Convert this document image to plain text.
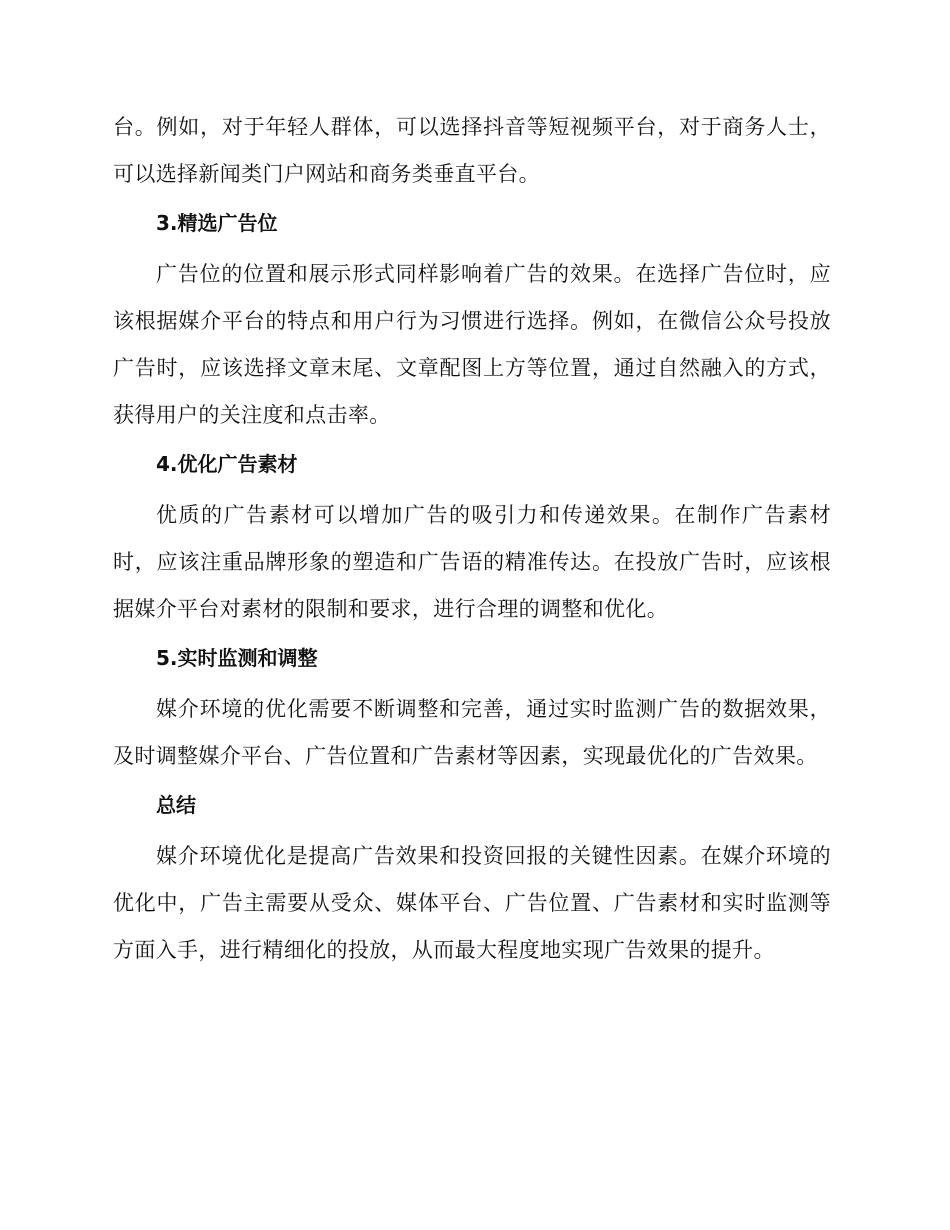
台。例如，对于年轻人群体，可以选择抖音等短视频平台，对于商务人士，可以选择新闻类门户网站和商务类垂直平台。

3.精选广告位

广告位的位置和展示形式同样影响着广告的效果。在选择广告位时，应该根据媒介平台的特点和用户行为习惯进行选择。例如，在微信公众号投放广告时，应该选择文章末尾、文章配图上方等位置，通过自然融入的方式，获得用户的关注度和点击率。

4.优化广告素材

优质的广告素材可以增加广告的吸引力和传递效果。在制作广告素材时，应该注重品牌形象的塑造和广告语的精准传达。在投放广告时，应该根据媒介平台对素材的限制和要求，进行合理的调整和优化。

5.实时监测和调整

媒介环境的优化需要不断调整和完善，通过实时监测广告的数据效果，及时调整媒介平台、广告位置和广告素材等因素，实现最优化的广告效果。

总结

媒介环境优化是提高广告效果和投资回报的关键性因素。在媒介环境的优化中，广告主需要从受众、媒体平台、广告位置、广告素材和实时监测等方面入手，进行精细化的投放，从而最大程度地实现广告效果的提升。
